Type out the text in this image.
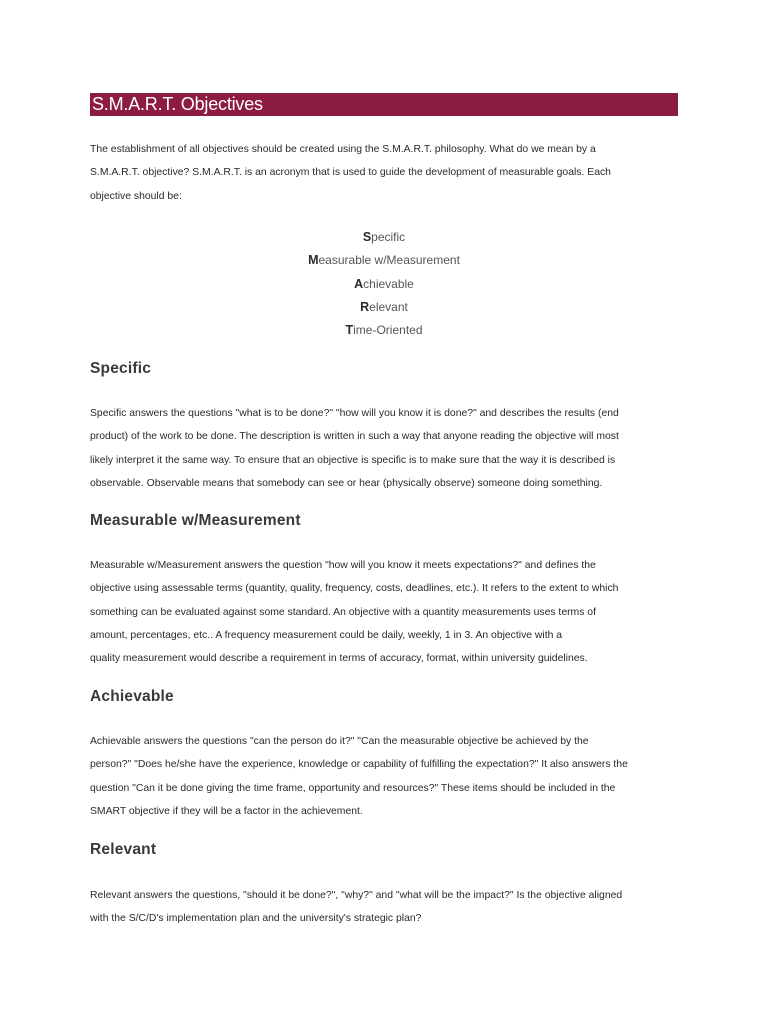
S.M.A.R.T. Objectives

The establishment of all objectives should be created using the S.M.A.R.T. philosophy. What do we mean by a
S.M.A.R.T. objective? S.M.A.R.T. is an acronym that is used to guide the development of measurable goals. Each
objective should be:

Specific
Measurable w/Measurement
Achievable
Relevant
Time-Oriented
Specific

Specific answers the questions "what is to be done?" "how will you know it is done?" and describes the results (end
product) of the work to be done. The description is written in such a way that anyone reading the objective will most
likely interpret it the same way. To ensure that an objective is specific is to make sure that the way it is described is
observable. Observable means that somebody can see or hear (physically observe) someone doing something.

Measurable w/Measurement

Measurable w/Measurement answers the question "how will you know it meets expectations?" and defines the
objective using assessable terms (quantity, quality, frequency, costs, deadlines, etc.). It refers to the extent to which
something can be evaluated against some standard. An objective with a quantity measurements uses terms of
amount, percentages, etc.. A frequency measurement could be daily, weekly, 1 in 3. An objective with a
quality measurement would describe a requirement in terms of accuracy, format, within university guidelines.

Achievable

Achievable answers the questions "can the person do it?" "Can the measurable objective be achieved by the
person?" "Does he/she have the experience, knowledge or capability of fulfilling the expectation?" It also answers the
question "Can it be done giving the time frame, opportunity and resources?" These items should be included in the
SMART objective if they will be a factor in the achievement.

Relevant

Relevant answers the questions, "should it be done?", "why?" and "what will be the impact?" Is the objective aligned
with the S/C/D's implementation plan and the university's strategic plan?
